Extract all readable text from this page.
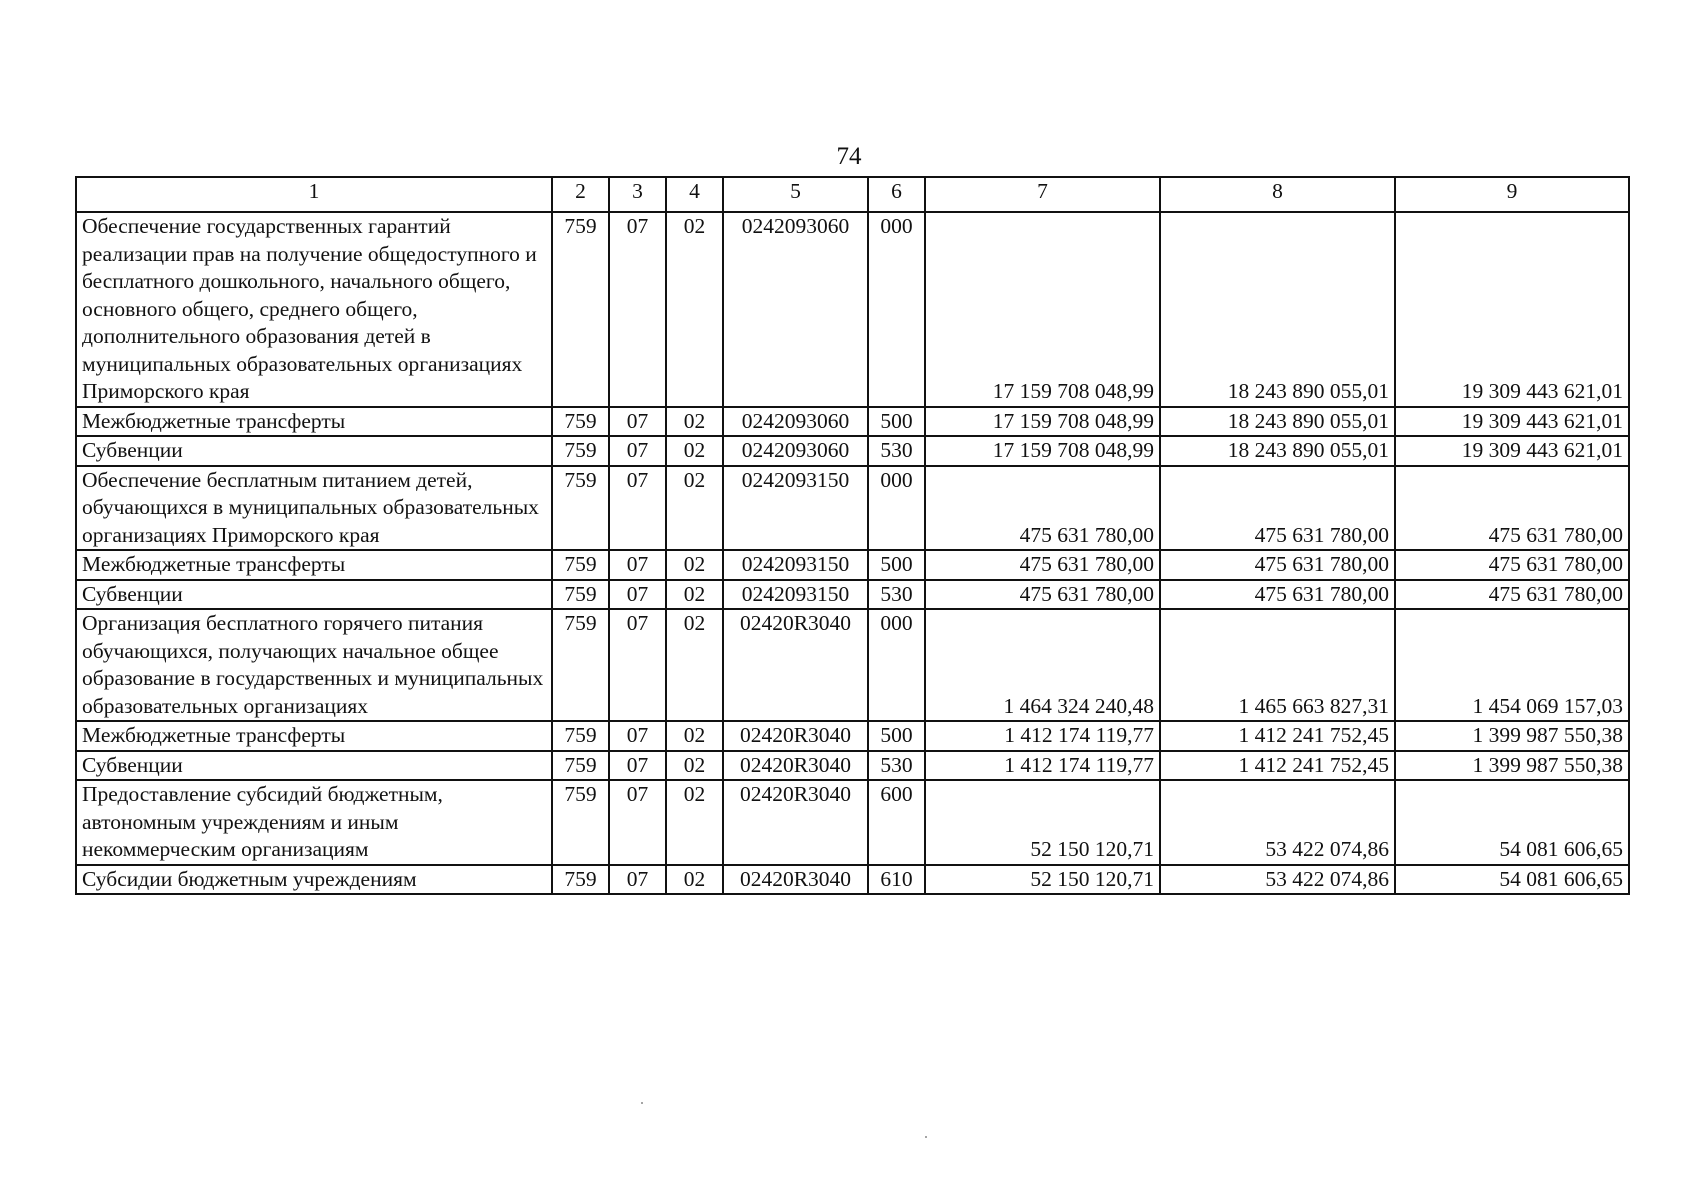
74
1	2	3	4	5	6	7	8	9
Обеспечение государственных гарантий реализации прав на получение общедоступного и бесплатного дошкольного, начального общего, основного общего, среднего общего, дополнительного образования детей в муниципальных образовательных организациях Приморского края	759	07	02	0242093060	000	17 159 708 048,99	18 243 890 055,01	19 309 443 621,01
Межбюджетные трансферты	759	07	02	0242093060	500	17 159 708 048,99	18 243 890 055,01	19 309 443 621,01
Субвенции	759	07	02	0242093060	530	17 159 708 048,99	18 243 890 055,01	19 309 443 621,01
Обеспечение бесплатным питанием детей, обучающихся в муниципальных образовательных организациях Приморского края	759	07	02	0242093150	000	475 631 780,00	475 631 780,00	475 631 780,00
Межбюджетные трансферты	759	07	02	0242093150	500	475 631 780,00	475 631 780,00	475 631 780,00
Субвенции	759	07	02	0242093150	530	475 631 780,00	475 631 780,00	475 631 780,00
Организация бесплатного горячего питания обучающихся, получающих начальное общее образование в государственных и муниципальных образовательных организациях	759	07	02	02420R3040	000	1 464 324 240,48	1 465 663 827,31	1 454 069 157,03
Межбюджетные трансферты	759	07	02	02420R3040	500	1 412 174 119,77	1 412 241 752,45	1 399 987 550,38
Субвенции	759	07	02	02420R3040	530	1 412 174 119,77	1 412 241 752,45	1 399 987 550,38
Предоставление субсидий бюджетным, автономным учреждениям и иным некоммерческим организациям	759	07	02	02420R3040	600	52 150 120,71	53 422 074,86	54 081 606,65
Субсидии бюджетным учреждениям	759	07	02	02420R3040	610	52 150 120,71	53 422 074,86	54 081 606,65
